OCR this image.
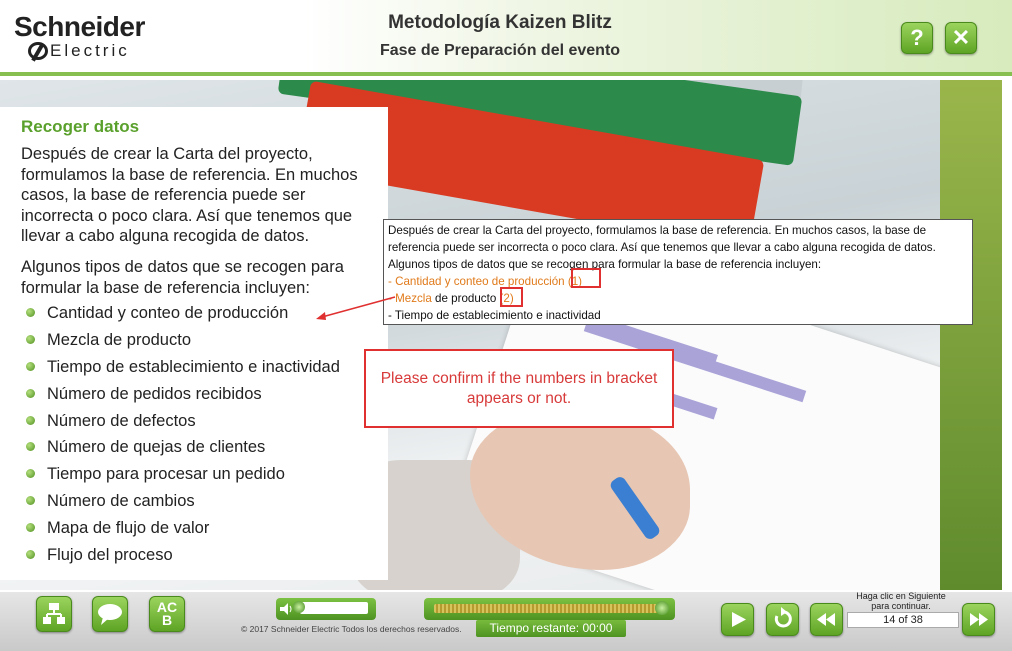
Schneider
Electric
Metodología Kaizen Blitz
Fase de Preparación del evento
?	✕
Recoger datos
Después de crear la Carta del proyecto, formulamos la base de referencia. En muchos casos, la base de referencia puede ser incorrecta o poco clara. Así que tenemos que llevar a cabo alguna recogida de datos.
Algunos tipos de datos que se recogen para formular la base de referencia incluyen:
Cantidad y conteo de producción
Mezcla de producto
Tiempo de establecimiento e inactividad
Número de pedidos recibidos
Número de defectos
Número de quejas de clientes
Tiempo para procesar un pedido
Número de cambios
Mapa de flujo de valor
Flujo del proceso
Después de crear la Carta del proyecto, formulamos la base de referencia. En muchos casos, la base de
referencia puede ser incorrecta o poco clara. Así que tenemos que llevar a cabo alguna recogida de datos.
Algunos tipos de datos que se recogen para formular la base de referencia incluyen:
- Cantidad y conteo de producción (1)
- Mezcla de producto (2)
- Tiempo de establecimiento e inactividad
Please confirm if the numbers in bracket appears or not.
AC
B
© 2017 Schneider Electric Todos los derechos reservados.	Tiempo restante: 00:00
Haga clic en Siguiente para continuar.
14 of 38
